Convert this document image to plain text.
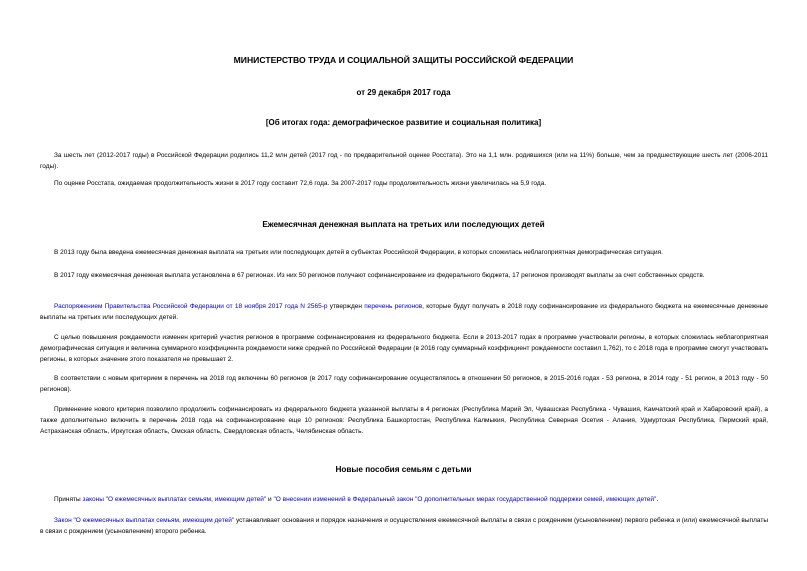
МИНИСТЕРСТВО ТРУДА И СОЦИАЛЬНОЙ ЗАЩИТЫ РОССИЙСКОЙ ФЕДЕРАЦИИ
от 29 декабря 2017 года
[Об итогах года: демографическое развитие и социальная политика]
За шесть лет (2012-2017 годы) в Российской Федерации родились 11,2 млн детей (2017 год - по предварительной оценке Росстата). Это на 1,1 млн. родившихся (или на 11%) больше, чем за предшествующие шесть лет (2006-2011 годы).
По оценке Росстата, ожидаемая продолжительность жизни в 2017 году составит 72,6 года. За 2007-2017 годы продолжительность жизни увеличилась на 5,9 года.
Ежемесячная денежная выплата на третьих или последующих детей
В 2013 году была введена ежемесячная денежная выплата на третьих или последующих детей в субъектах Российской Федерации, в которых сложилась неблагоприятная демографическая ситуация.
В 2017 году ежемесячная денежная выплата установлена в 67 регионах. Из них 50 регионов получают софинансирование из федерального бюджета, 17 регионов производят выплаты за счет собственных средств.
Распоряжением Правительства Российской Федерации от 18 ноября 2017 года N 2565-р утвержден перечень регионов, которые будут получать в 2018 году софинансирование из федерального бюджета на ежемесячные денежные выплаты на третьих или последующих детей.
С целью повышения рождаемости изменен критерий участия регионов в программе софинансирования из федерального бюджета. Если в 2013-2017 годах в программе участвовали регионы, в которых сложилась неблагоприятная демографическая ситуация и величина суммарного коэффициента рождаемости ниже средней по Российской Федерации (в 2016 году суммарный коэффициент рождаемости составил 1,762), то с 2018 года в программе смогут участвовать регионы, в которых значение этого показателя не превышает 2.
В соответствии с новым критерием в перечень на 2018 год включены 60 регионов (в 2017 году софинансирование осуществлялось в отношении 50 регионов, в 2015-2016 годах - 53 региона, в 2014 году - 51 регион, в 2013 году - 50 регионов).
Применение нового критерия позволило продолжить софинансировать из федерального бюджета указанной выплаты в 4 регионах (Республика Марий Эл, Чувашская Республика - Чувашия, Камчатский край и Хабаровский край), а также дополнительно включить в перечень 2018 года на софинансирование еще 10 регионов: Республика Башкортостан, Республика Калмыкия, Республика Северная Осетия - Алания, Удмуртская Республика, Пермский край, Астраханская область, Иркутская область, Омская область, Свердловская область, Челябинская область.
Новые пособия семьям с детьми
Приняты законы "О ежемесячных выплатах семьям, имеющим детей" и "О внесении изменений в Федеральный закон "О дополнительных мерах государственной поддержки семей, имеющих детей".
Закон "О ежемесячных выплатах семьям, имеющим детей" устанавливает основания и порядок назначения и осуществления ежемесячной выплаты в связи с рождением (усыновлением) первого ребенка и (или) ежемесячной выплаты в связи с рождением (усыновлением) второго ребенка.
